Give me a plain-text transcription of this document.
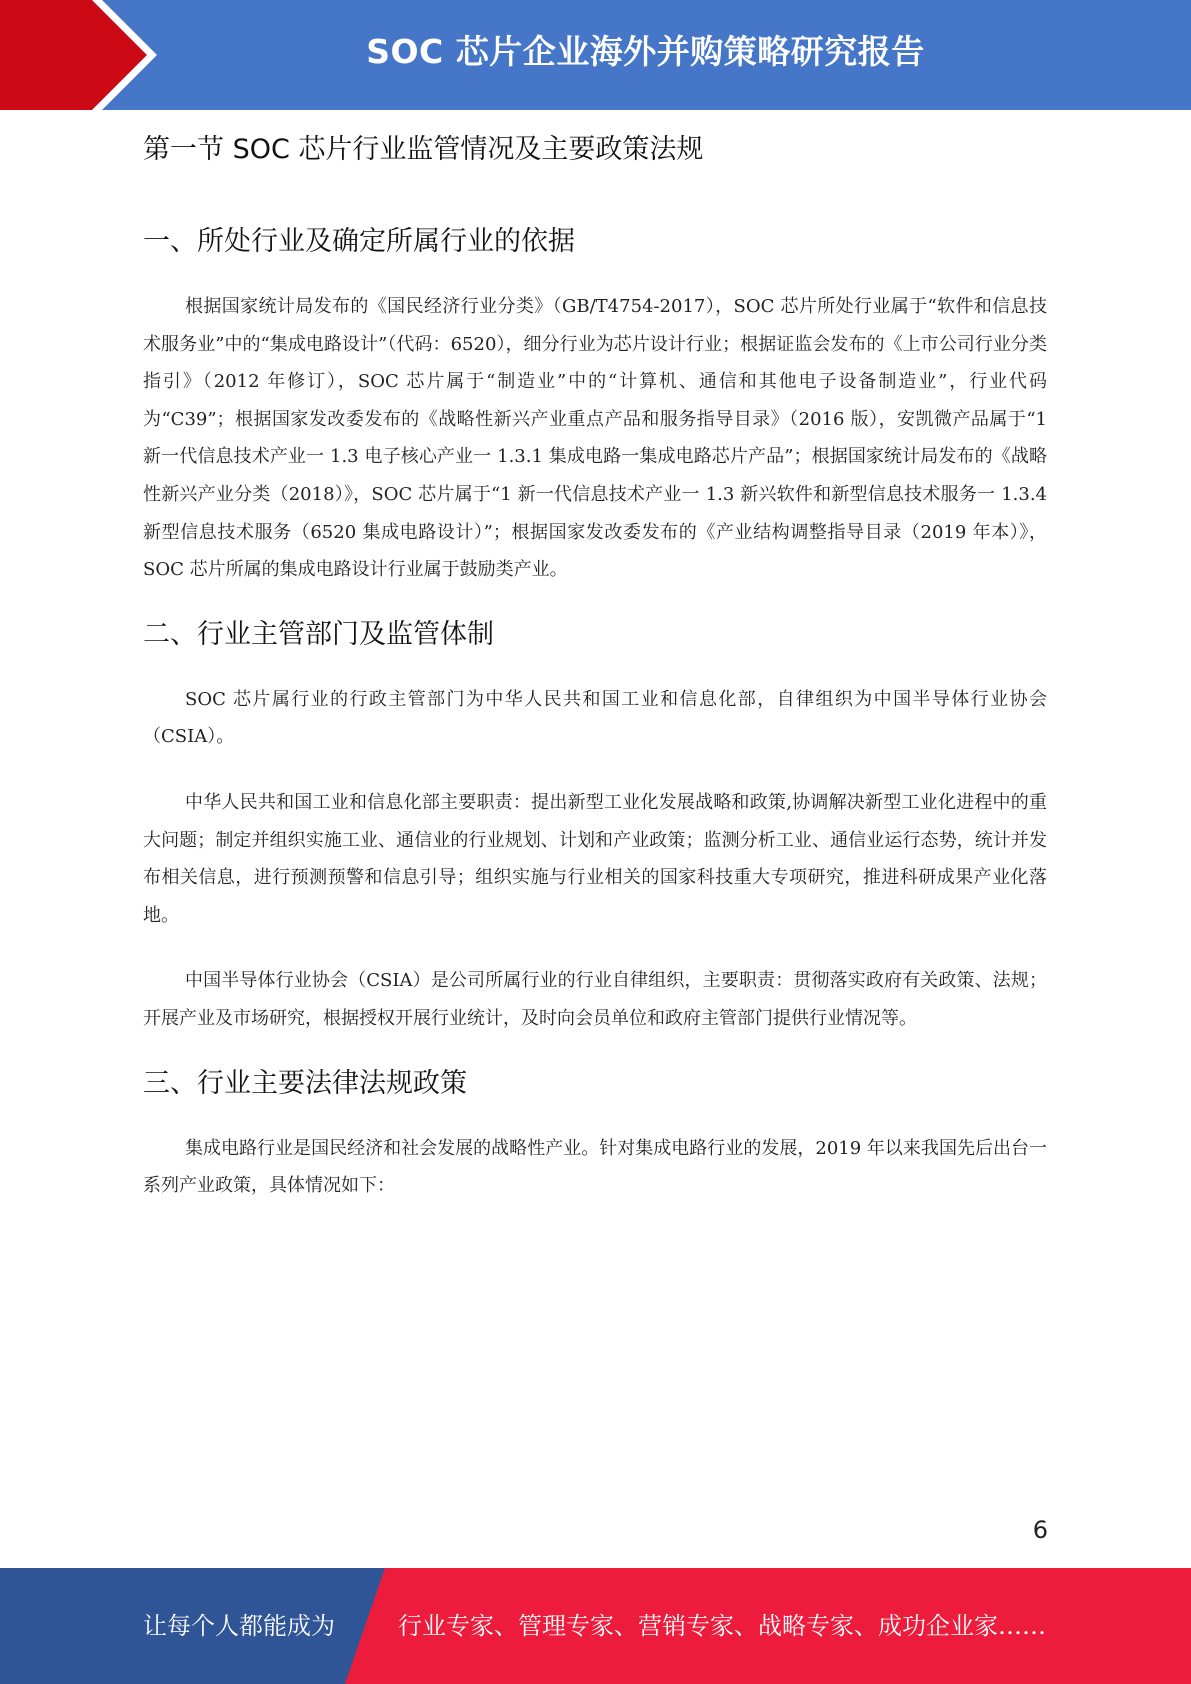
SOC 芯片企业海外并购策略研究报告
第一节 SOC 芯片行业监管情况及主要政策法规
一、所处行业及确定所属行业的依据

根据国家统计局发布的《国民经济行业分类》（GB/T4754-2017），SOC 芯片所处行业属于“软件和信息技术服务业”中的“集成电路设计”（代码：6520），细分行业为芯片设计行业；根据证监会发布的《上市公司行业分类指引》（2012 年修订），SOC 芯片属于“制造业”中的“计算机、通信和其他电子设备制造业”，行业代码为“C39”；根据国家发改委发布的《战略性新兴产业重点产品和服务指导目录》（2016 版），安凯微产品属于“1 新一代信息技术产业一 1.3 电子核心产业一 1.3.1 集成电路一集成电路芯片产品”；根据国家统计局发布的《战略性新兴产业分类（2018）》，SOC 芯片属于“1 新一代信息技术产业一 1.3 新兴软件和新型信息技术服务一 1.3.4 新型信息技术服务（6520 集成电路设计）”；根据国家发改委发布的《产业结构调整指导目录（2019 年本）》，SOC 芯片所属的集成电路设计行业属于鼓励类产业。

二、行业主管部门及监管体制

SOC 芯片属行业的行政主管部门为中华人民共和国工业和信息化部，自律组织为中国半导体行业协会（CSIA）。

中华人民共和国工业和信息化部主要职责：提出新型工业化发展战略和政策,协调解决新型工业化进程中的重大问题；制定并组织实施工业、通信业的行业规划、计划和产业政策；监测分析工业、通信业运行态势，统计并发布相关信息，进行预测预警和信息引导；组织实施与行业相关的国家科技重大专项研究，推进科研成果产业化落地。

中国半导体行业协会（CSIA）是公司所属行业的行业自律组织，主要职责：贯彻落实政府有关政策、法规；开展产业及市场研究，根据授权开展行业统计，及时向会员单位和政府主管部门提供行业情况等。

三、行业主要法律法规政策

集成电路行业是国民经济和社会发展的战略性产业。针对集成电路行业的发展，2019 年以来我国先后出台一系列产业政策，具体情况如下：

6
让每个人都能成为	行业专家、管理专家、营销专家、战略专家、成功企业家……
